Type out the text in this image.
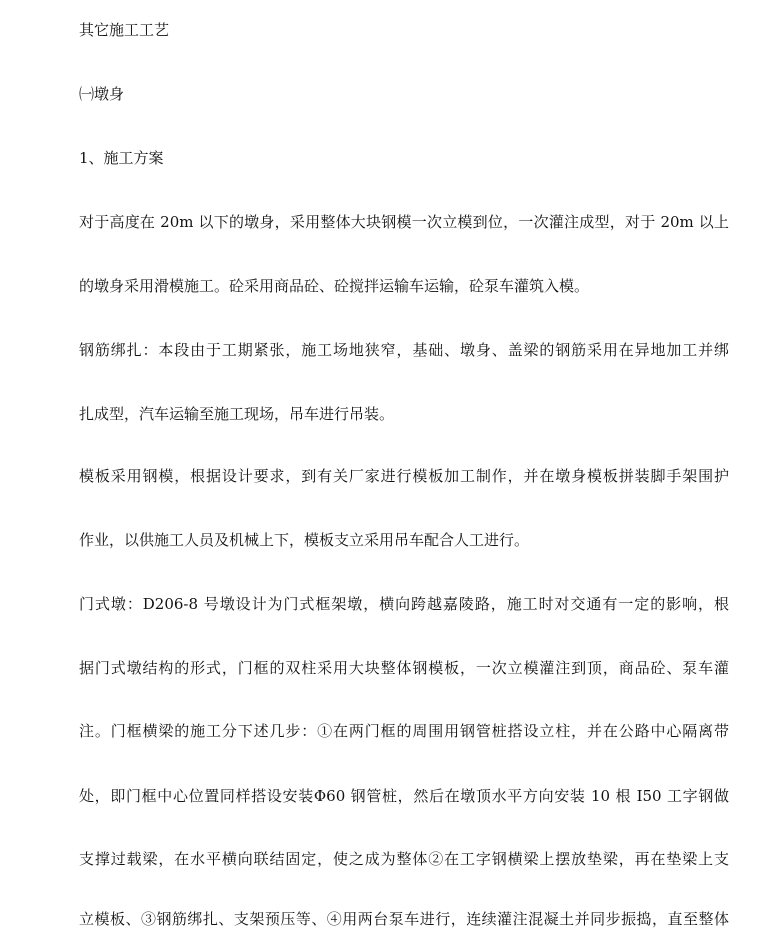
其它施工工艺
㈠墩身
1、施工方案
对于高度在 20m 以下的墩身，采用整体大块钢模一次立模到位，一次灌注成型，对于 20m 以上
的墩身采用滑模施工。砼采用商品砼、砼搅拌运输车运输，砼泵车灌筑入模。
钢筋绑扎：本段由于工期紧张，施工场地狭窄，基础、墩身、盖梁的钢筋采用在异地加工并绑
扎成型，汽车运输至施工现场，吊车进行吊装。
模板采用钢模，根据设计要求，到有关厂家进行模板加工制作，并在墩身模板拼装脚手架围护
作业，以供施工人员及机械上下，模板支立采用吊车配合人工进行。
门式墩：D206-8 号墩设计为门式框架墩，横向跨越嘉陵路，施工时对交通有一定的影响，根
据门式墩结构的形式，门框的双柱采用大块整体钢模板，一次立模灌注到顶，商品砼、泵车灌
注。门框横梁的施工分下述几步：①在两门框的周围用钢管桩搭设立柱，并在公路中心隔离带
处，即门框中心位置同样搭设安装Φ60 钢管桩，然后在墩顶水平方向安装 10 根 I50 工字钢做
支撑过载梁，在水平横向联结固定，使之成为整体②在工字钢横梁上摆放垫梁，再在垫梁上支
立模板、③钢筋绑扎、支架预压等、④用两台泵车进行，连续灌注混凝土并同步振捣，直至整体
